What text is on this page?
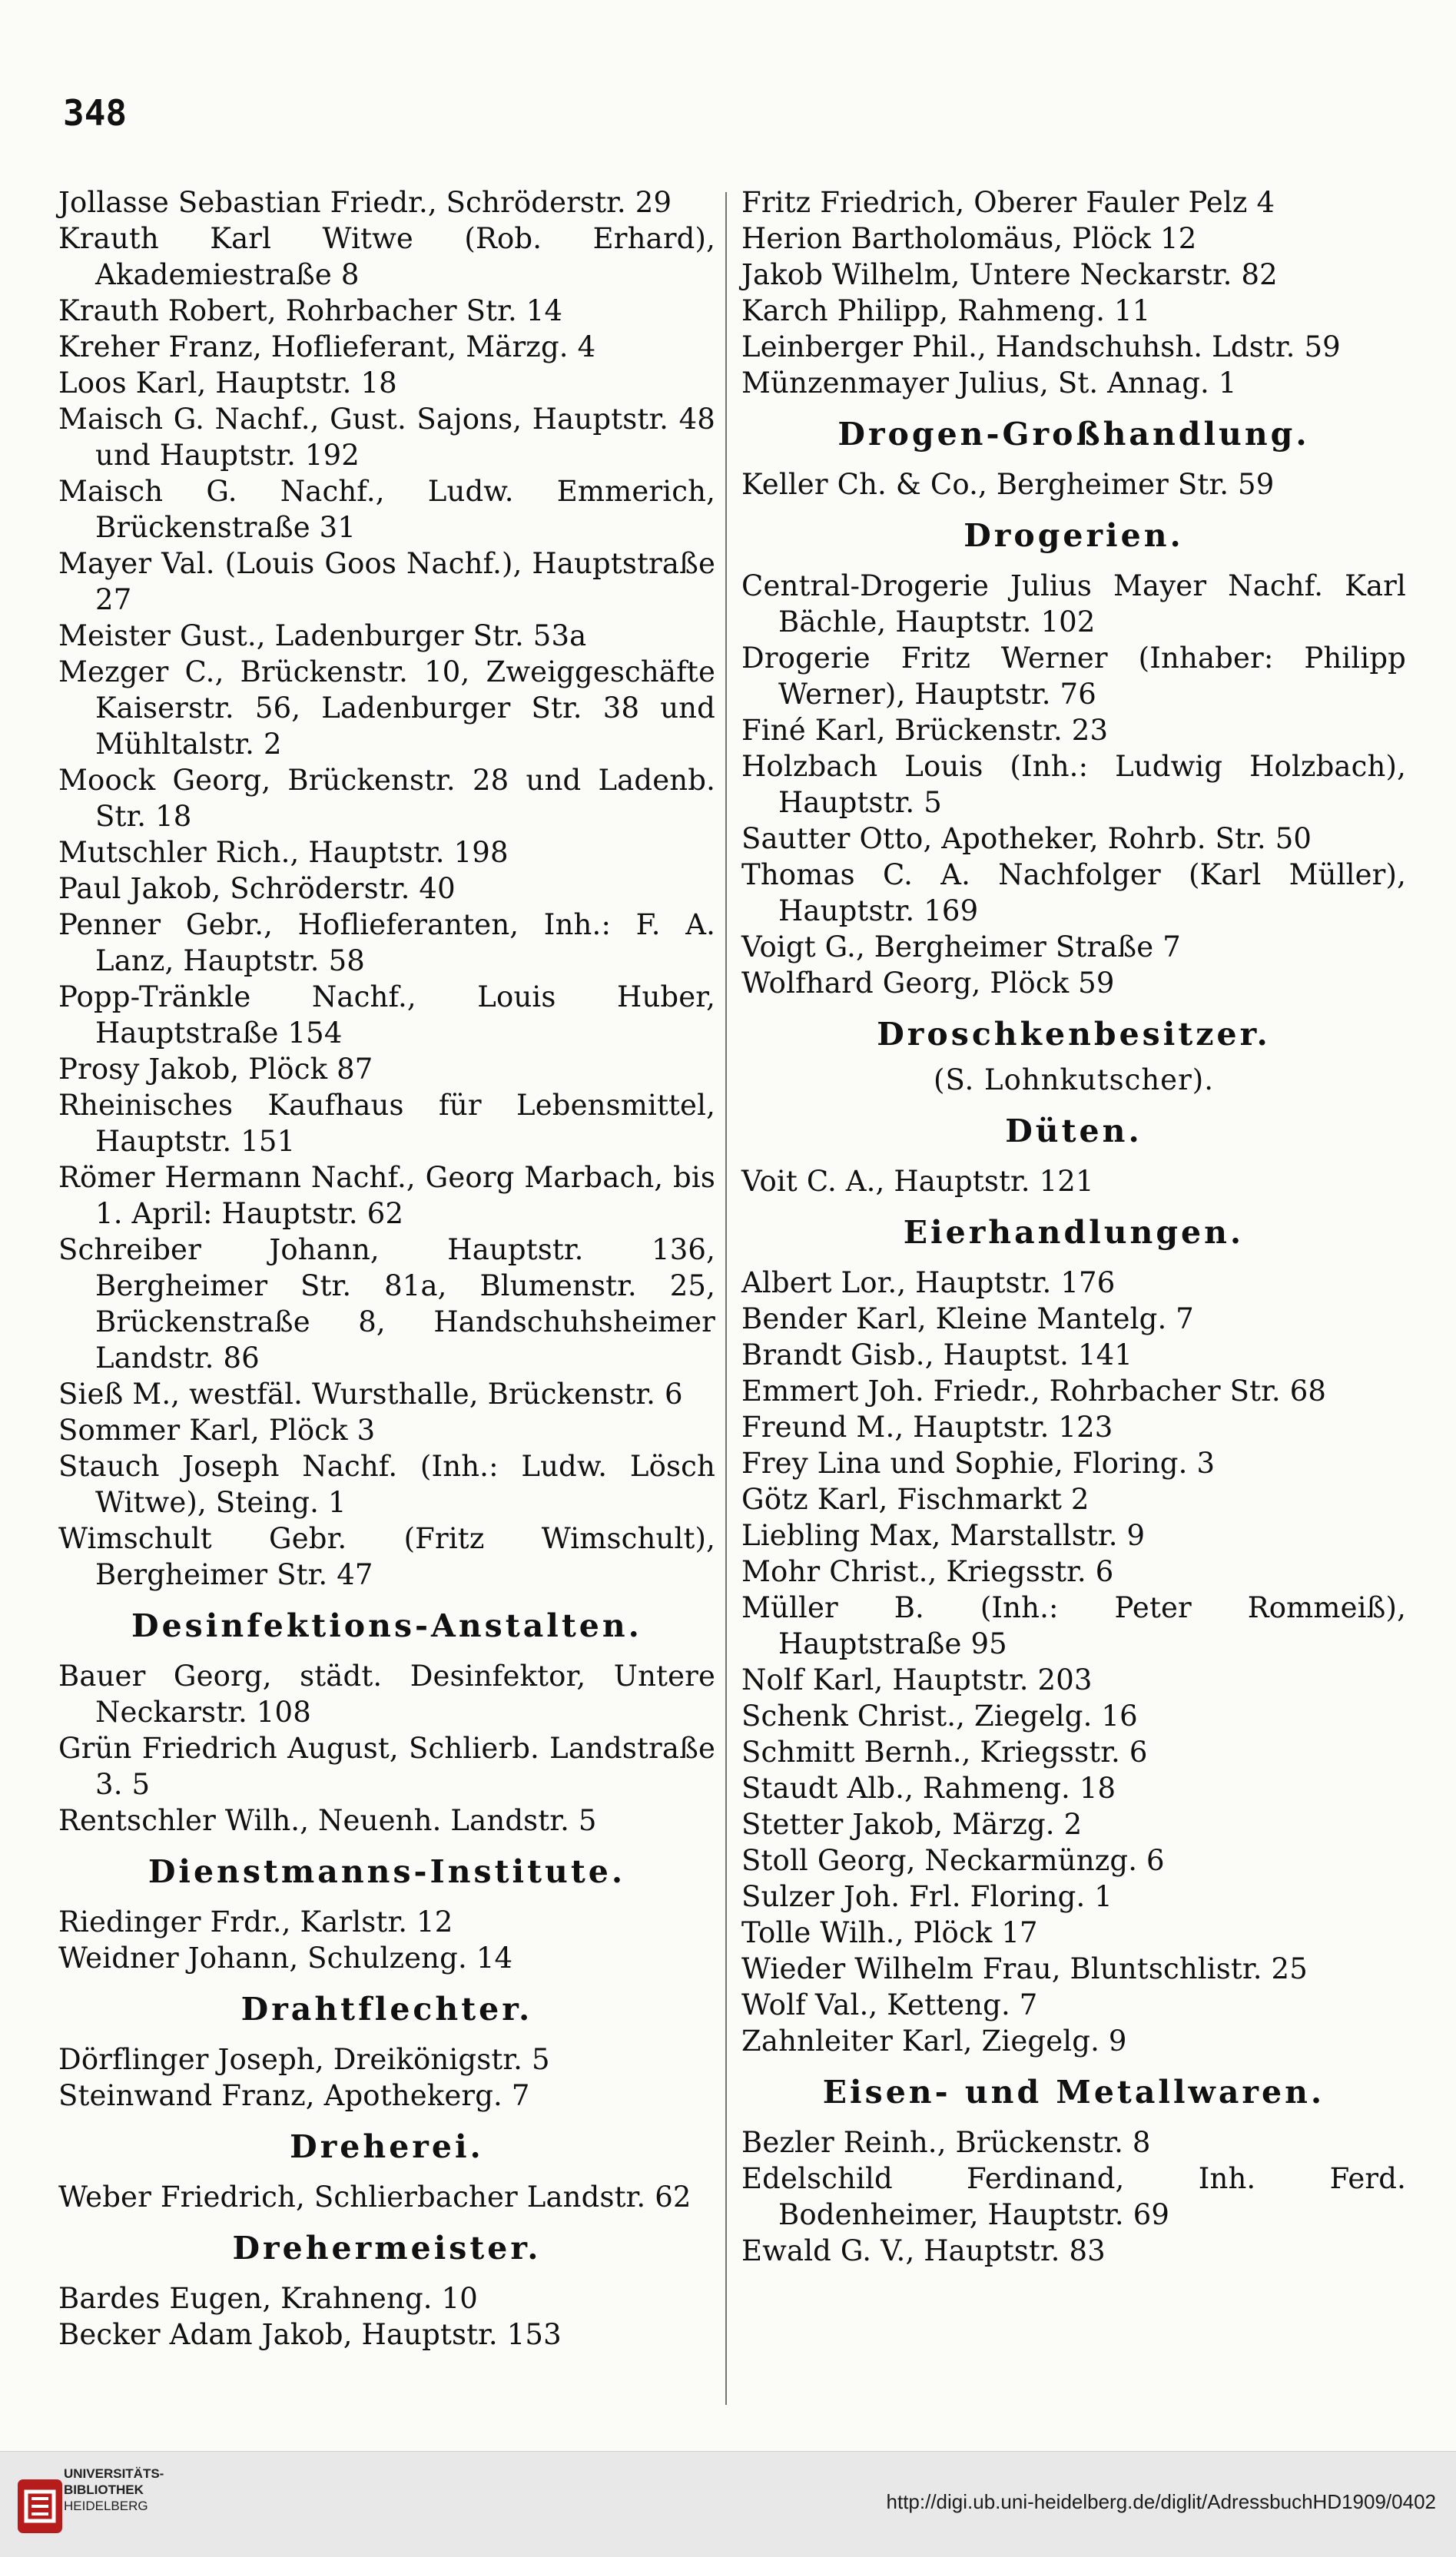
348

Jollasse Sebastian Friedr., Schröderstr. 29

Krauth Karl Witwe (Rob. Erhard), Akademiestraße 8

Krauth Robert, Rohrbacher Str. 14

Kreher Franz, Hoflieferant, Märzg. 4

Loos Karl, Hauptstr. 18

Maisch G. Nachf., Gust. Sajons, Hauptstr. 48 und Hauptstr. 192

Maisch G. Nachf., Ludw. Emmerich, Brückenstraße 31

Mayer Val. (Louis Goos Nachf.), Hauptstraße 27

Meister Gust., Ladenburger Str. 53a

Mezger C., Brückenstr. 10, Zweiggeschäfte Kaiserstr. 56, Ladenburger Str. 38 und Mühltalstr. 2

Moock Georg, Brückenstr. 28 und Ladenb. Str. 18

Mutschler Rich., Hauptstr. 198

Paul Jakob, Schröderstr. 40

Penner Gebr., Hoflieferanten, Inh.: F. A. Lanz, Hauptstr. 58

Popp-Tränkle Nachf., Louis Huber, Hauptstraße 154

Prosy Jakob, Plöck 87

Rheinisches Kaufhaus für Lebensmittel, Hauptstr. 151

Römer Hermann Nachf., Georg Marbach, bis 1. April: Hauptstr. 62

Schreiber Johann, Hauptstr. 136, Bergheimer Str. 81a, Blumenstr. 25, Brückenstraße 8, Handschuhsheimer Landstr. 86

Sieß M., westfäl. Wursthalle, Brückenstr. 6

Sommer Karl, Plöck 3

Stauch Joseph Nachf. (Inh.: Ludw. Lösch Witwe), Steing. 1

Wimschult Gebr. (Fritz Wimschult), Bergheimer Str. 47

Desinfektions-Anstalten.

Bauer Georg, städt. Desinfektor, Untere Neckarstr. 108

Grün Friedrich August, Schlierb. Landstraße 3. 5

Rentschler Wilh., Neuenh. Landstr. 5

Dienstmanns-Institute.

Riedinger Frdr., Karlstr. 12

Weidner Johann, Schulzeng. 14

Drahtflechter.

Dörflinger Joseph, Dreikönigstr. 5

Steinwand Franz, Apothekerg. 7

Dreherei.

Weber Friedrich, Schlierbacher Landstr. 62

Drehermeister.

Bardes Eugen, Krahneng. 10

Becker Adam Jakob, Hauptstr. 153

Fritz Friedrich, Oberer Fauler Pelz 4

Herion Bartholomäus, Plöck 12

Jakob Wilhelm, Untere Neckarstr. 82

Karch Philipp, Rahmeng. 11

Leinberger Phil., Handschuhsh. Ldstr. 59

Münzenmayer Julius, St. Annag. 1

Drogen-Großhandlung.

Keller Ch. & Co., Bergheimer Str. 59

Drogerien.

Central-Drogerie Julius Mayer Nachf. Karl Bächle, Hauptstr. 102

Drogerie Fritz Werner (Inhaber: Philipp Werner), Hauptstr. 76

Finé Karl, Brückenstr. 23

Holzbach Louis (Inh.: Ludwig Holzbach), Hauptstr. 5

Sautter Otto, Apotheker, Rohrb. Str. 50

Thomas C. A. Nachfolger (Karl Müller), Hauptstr. 169

Voigt G., Bergheimer Straße 7

Wolfhard Georg, Plöck 59

Droschkenbesitzer.

(S. Lohnkutscher).

Düten.

Voit C. A., Hauptstr. 121

Eierhandlungen.

Albert Lor., Hauptstr. 176

Bender Karl, Kleine Mantelg. 7

Brandt Gisb., Hauptst. 141

Emmert Joh. Friedr., Rohrbacher Str. 68

Freund M., Hauptstr. 123

Frey Lina und Sophie, Floring. 3

Götz Karl, Fischmarkt 2

Liebling Max, Marstallstr. 9

Mohr Christ., Kriegsstr. 6

Müller B. (Inh.: Peter Rommeiß), Hauptstraße 95

Nolf Karl, Hauptstr. 203

Schenk Christ., Ziegelg. 16

Schmitt Bernh., Kriegsstr. 6

Staudt Alb., Rahmeng. 18

Stetter Jakob, Märzg. 2

Stoll Georg, Neckarmünzg. 6

Sulzer Joh. Frl. Floring. 1

Tolle Wilh., Plöck 17

Wieder Wilhelm Frau, Bluntschlistr. 25

Wolf Val., Ketteng. 7

Zahnleiter Karl, Ziegelg. 9

Eisen- und Metallwaren.

Bezler Reinh., Brückenstr. 8

Edelschild Ferdinand, Inh. Ferd. Bodenheimer, Hauptstr. 69

Ewald G. V., Hauptstr. 83

UNIVERSITÄTS-
BIBLIOTHEK
HEIDELBERG	http://digi.ub.uni-heidelberg.de/diglit/AdressbuchHD1909/0402
